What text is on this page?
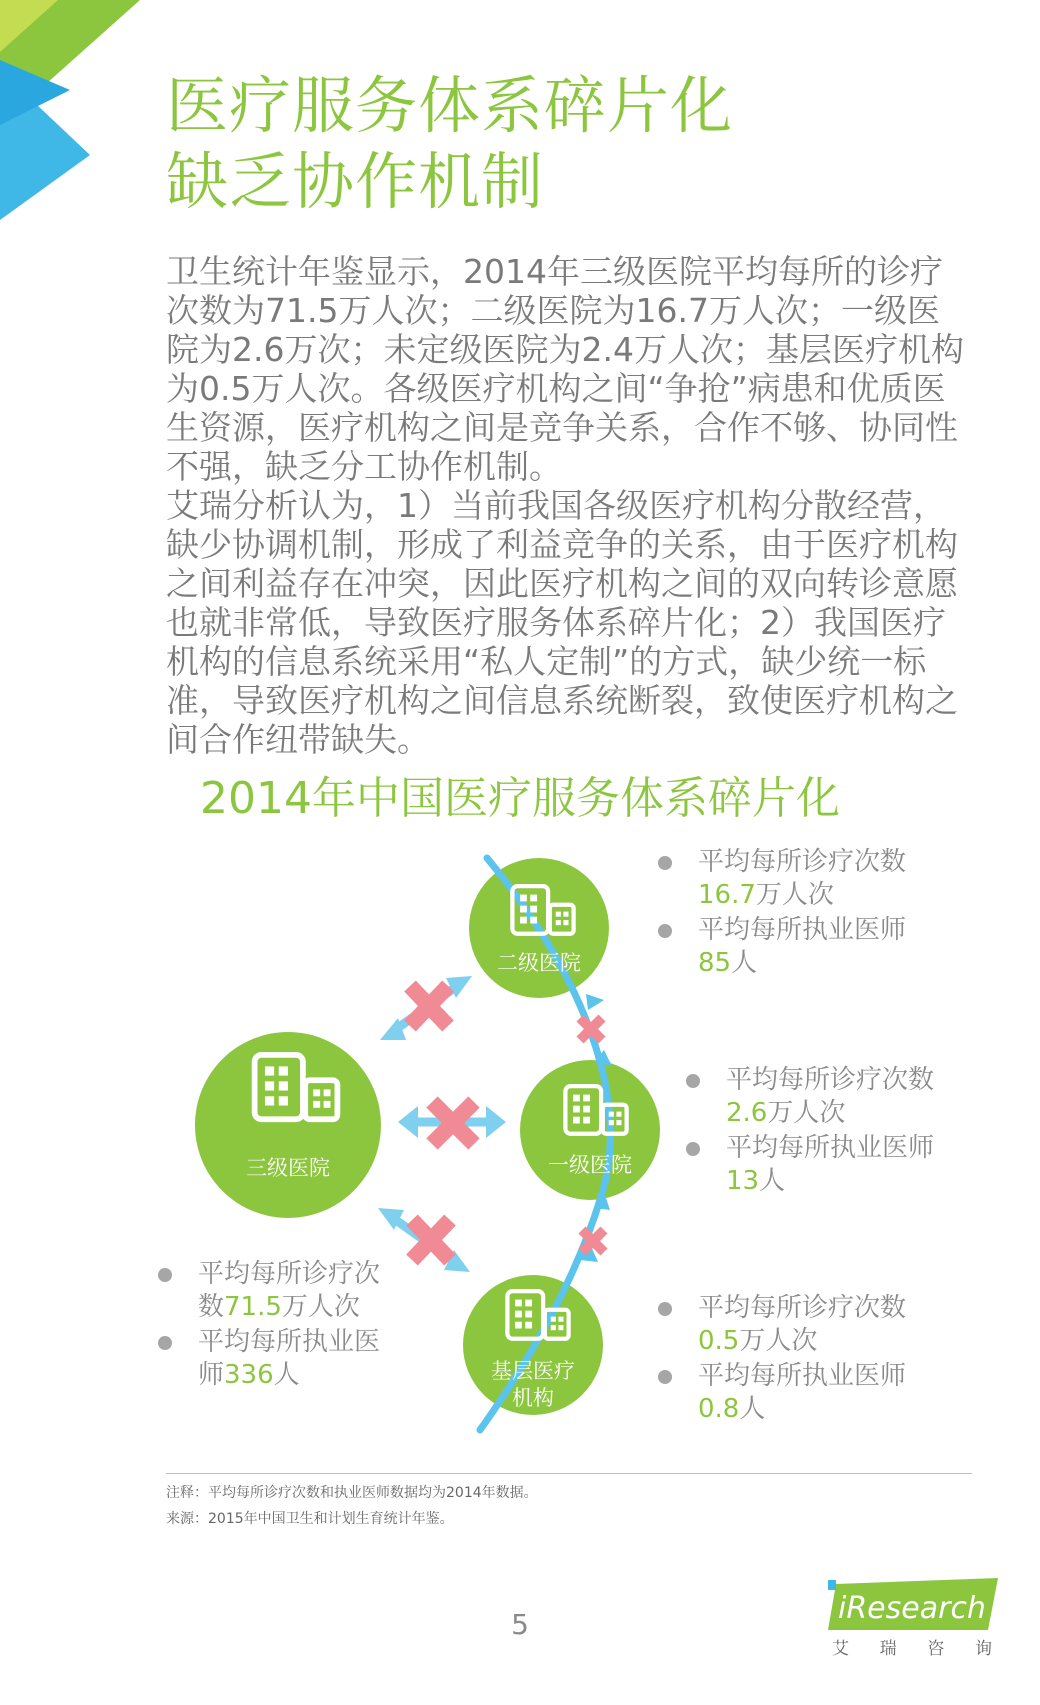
医疗服务体系碎片化
缺乏协作机制

卫生统计年鉴显示，2014年三级医院平均每所的诊疗次数为71.5万人次；二级医院为16.7万人次；一级医院为2.6万次；未定级医院为2.4万人次；基层医疗机构为0.5万人次。各级医疗机构之间“争抢”病患和优质医生资源，医疗机构之间是竞争关系，合作不够、协同性不强，缺乏分工协作机制。

艾瑞分析认为，1）当前我国各级医疗机构分散经营，缺少协调机制，形成了利益竞争的关系，由于医疗机构之间利益存在冲突，因此医疗机构之间的双向转诊意愿也就非常低，导致医疗服务体系碎片化；2）我国医疗机构的信息系统采用“私人定制”的方式，缺少统一标准，导致医疗机构之间信息系统断裂，致使医疗机构之间合作纽带缺失。

2014年中国医疗服务体系碎片化
三级医院
二级医院
一级医院
基层医疗
机构
平均每所诊疗次数
16.7万人次
平均每所执业医师
85人
平均每所诊疗次数
2.6万人次
平均每所执业医师
13人
平均每所诊疗次
数71.5万人次
平均每所执业医
师336人
平均每所诊疗次数
0.5万人次
平均每所执业医师
0.8人

注释：平均每所诊疗次数和执业医师数据均为2014年数据。

来源：2015年中国卫生和计划生育统计年鉴。

5	iResearch
艾 瑞 咨 询
